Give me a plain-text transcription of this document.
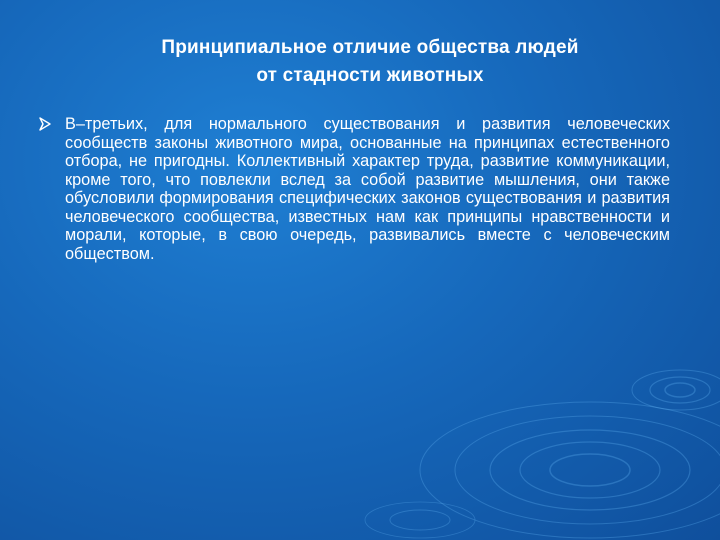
Принципиальное отличие общества людей
от стадности животных
В–третьих, для нормального существования и развития человеческих сообществ законы животного мира, основанные на принципах естественного отбора, не пригодны. Коллективный характер труда, развитие коммуникации, кроме того, что повлекли вслед за собой развитие мышления, они также обусловили формирования специфических законов существования и развития человеческого сообщества, известных нам как принципы нравственности и морали, которые, в свою очередь, развивались вместе с человеческим обществом.
